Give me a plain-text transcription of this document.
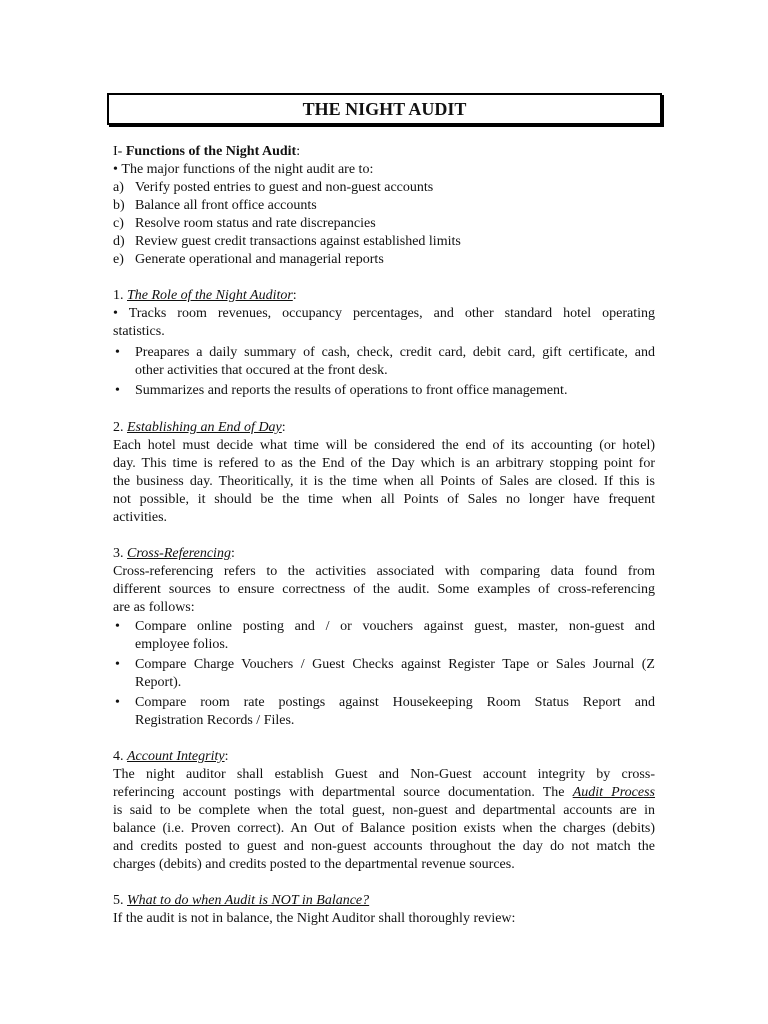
THE NIGHT AUDIT
I- Functions of the Night Audit:
• The major functions of the night audit are to:
a) Verify posted entries to guest and non-guest accounts
b) Balance all front office accounts
c) Resolve room status and rate discrepancies
d) Review guest credit transactions against established limits
e) Generate operational and managerial reports
1. The Role of the Night Auditor:
• Tracks room revenues, occupancy percentages, and other standard hotel operating
statistics.
• Preapares a daily summary of cash, check, credit card, debit card, gift certificate, and
other activities that occured at the front desk.
• Summarizes and reports the results of operations to front office management.
2. Establishing an End of Day:
Each hotel must decide what time will be considered the end of its accounting (or hotel)
day. This time is refered to as the End of the Day which is an arbitrary stopping point for
the business day. Theoritically, it is the time when all Points of Sales are closed. If this is
not possible, it should be the time when all Points of Sales no longer have frequent
activities.
3. Cross-Referencing:
Cross-referencing refers to the activities associated with comparing data found from
different sources to ensure correctness of the audit. Some examples of cross-referencing
are as follows:
• Compare online posting and / or vouchers against guest, master, non-guest and
employee folios.
• Compare Charge Vouchers / Guest Checks against Register Tape or Sales Journal (Z
Report).
• Compare room rate postings against Housekeeping Room Status Report and
Registration Records / Files.
4. Account Integrity:
The night auditor shall establish Guest and Non-Guest account integrity by cross-
referincing account postings with departmental source documentation. The Audit Process
is said to be complete when the total guest, non-guest and departmental accounts are in
balance (i.e. Proven correct). An Out of Balance position exists when the charges (debits)
and credits posted to guest and non-guest accounts throughout the day do not match the
charges (debits) and credits posted to the departmental revenue sources.
5. What to do when Audit is NOT in Balance?
If the audit is not in balance, the Night Auditor shall thoroughly review:
